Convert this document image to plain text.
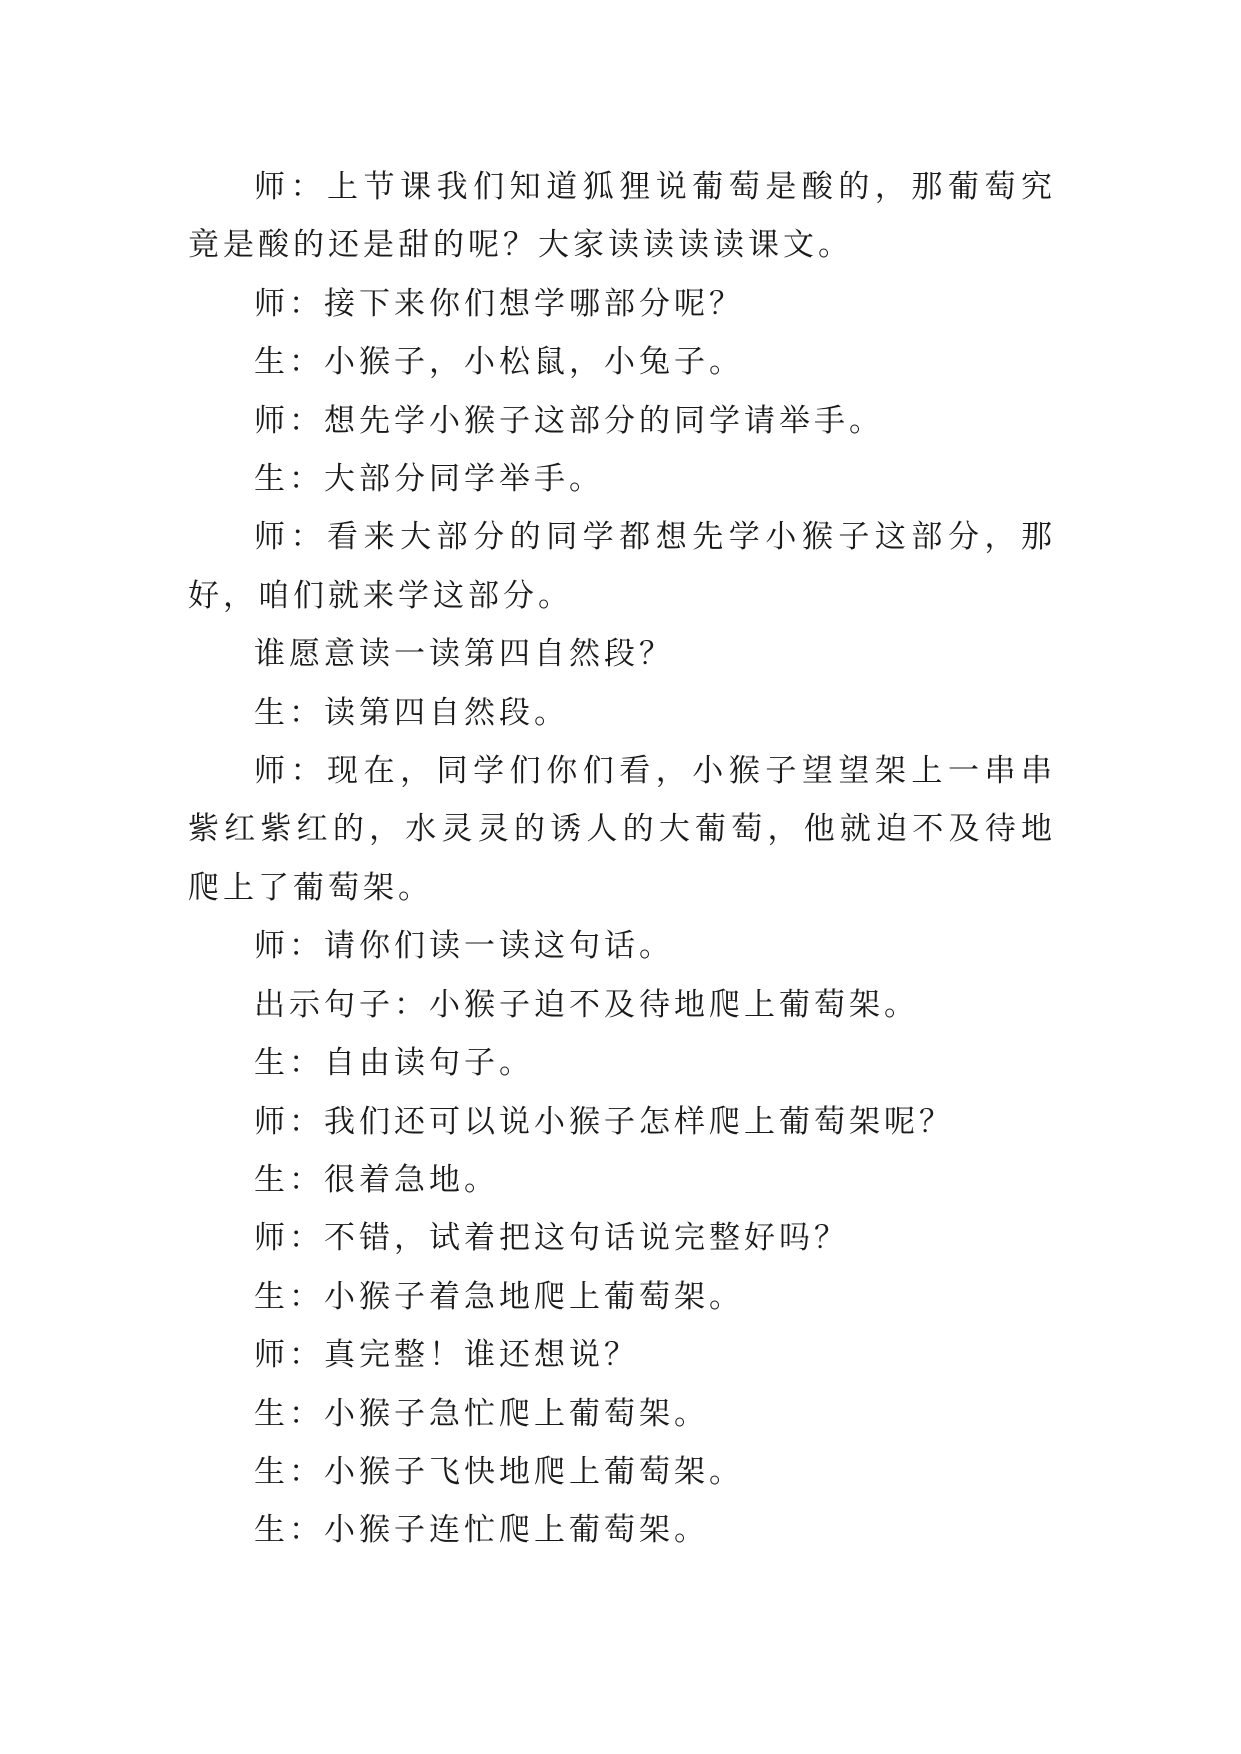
师：上节课我们知道狐狸说葡萄是酸的，那葡萄究竟是酸的还是甜的呢？大家读读读读课文。

师：接下来你们想学哪部分呢？

生：小猴子，小松鼠，小兔子。

师：想先学小猴子这部分的同学请举手。

生：大部分同学举手。

师：看来大部分的同学都想先学小猴子这部分，那好，咱们就来学这部分。

谁愿意读一读第四自然段？

生：读第四自然段。

师：现在，同学们你们看，小猴子望望架上一串串紫红紫红的，水灵灵的诱人的大葡萄，他就迫不及待地爬上了葡萄架。

师：请你们读一读这句话。

出示句子：小猴子迫不及待地爬上葡萄架。

生：自由读句子。

师：我们还可以说小猴子怎样爬上葡萄架呢？

生：很着急地。

师：不错，试着把这句话说完整好吗？

生：小猴子着急地爬上葡萄架。

师：真完整！谁还想说？

生：小猴子急忙爬上葡萄架。

生：小猴子飞快地爬上葡萄架。

生：小猴子连忙爬上葡萄架。
